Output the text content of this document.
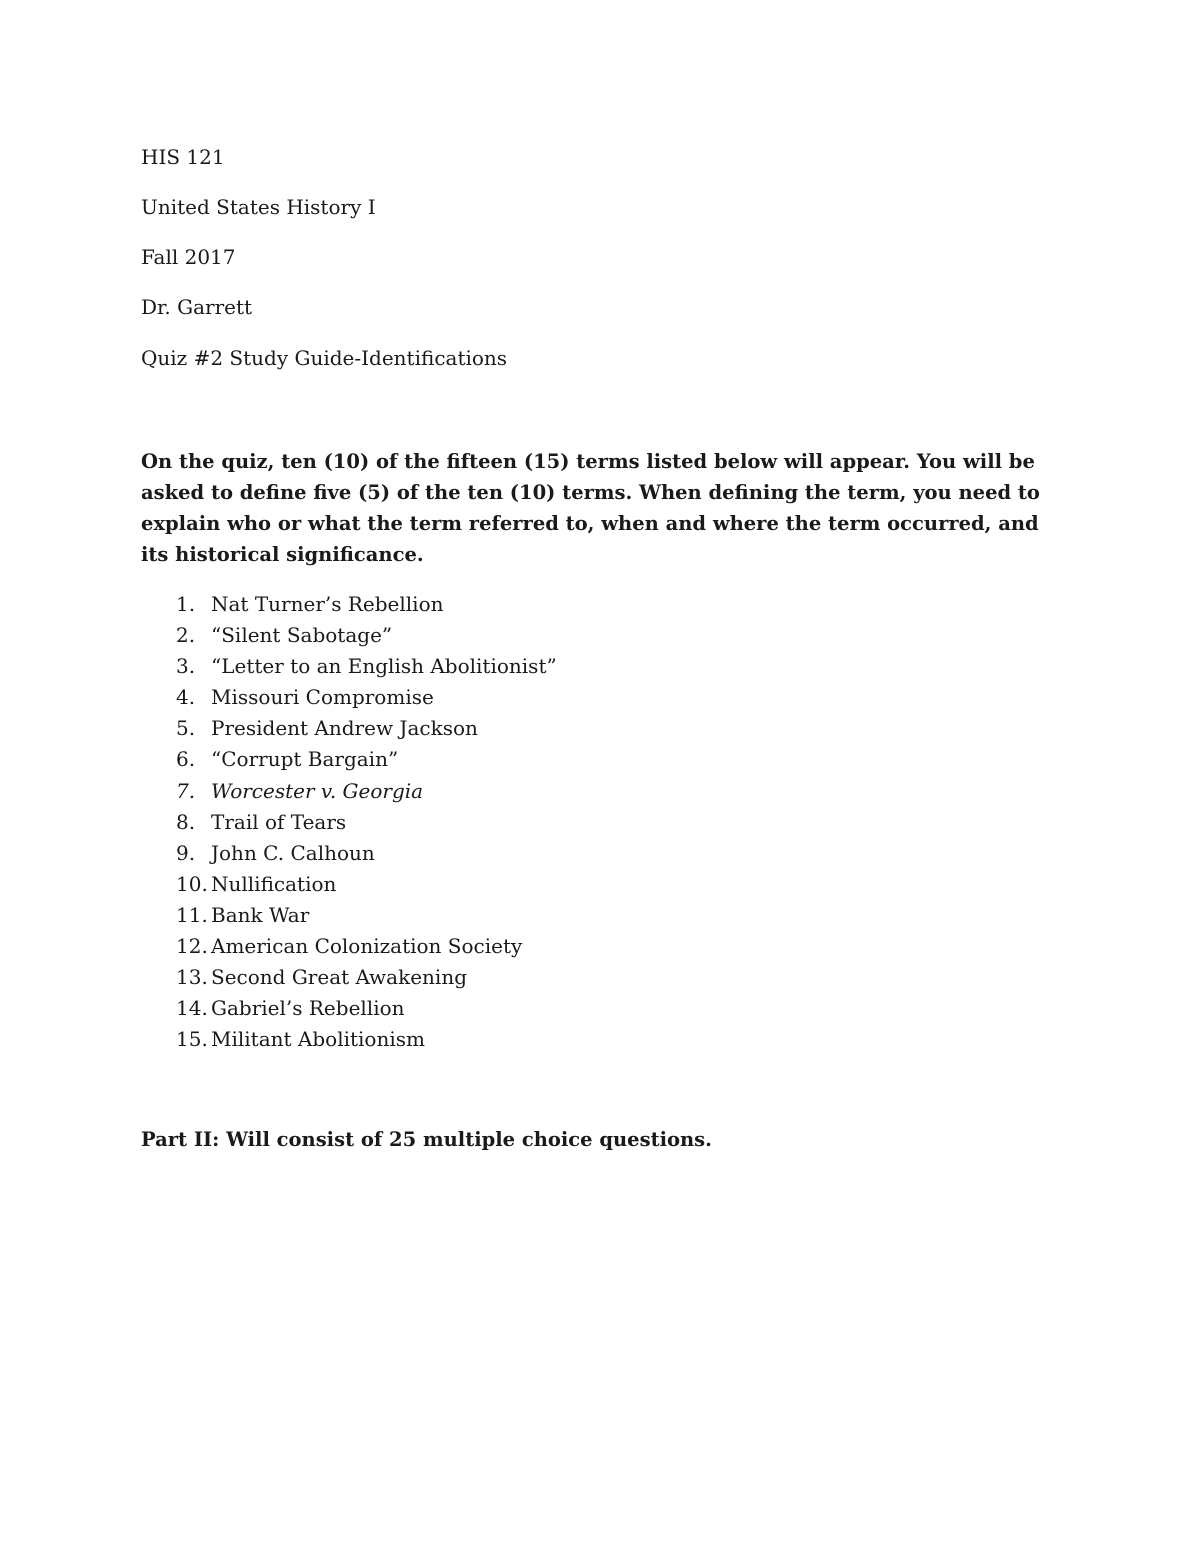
HIS 121
United States History I
Fall 2017
Dr. Garrett
Quiz #2 Study Guide-Identifications
On the quiz, ten (10) of the fifteen (15) terms listed below will appear. You will be asked to define five (5) of the ten (10) terms. When defining the term, you need to explain who or what the term referred to, when and where the term occurred, and its historical significance.
1. Nat Turner’s Rebellion
2. “Silent Sabotage”
3. “Letter to an English Abolitionist”
4. Missouri Compromise
5. President Andrew Jackson
6. “Corrupt Bargain”
7. Worcester v. Georgia
8. Trail of Tears
9. John C. Calhoun
10. Nullification
11. Bank War
12. American Colonization Society
13. Second Great Awakening
14. Gabriel’s Rebellion
15. Militant Abolitionism
Part II: Will consist of 25 multiple choice questions.
